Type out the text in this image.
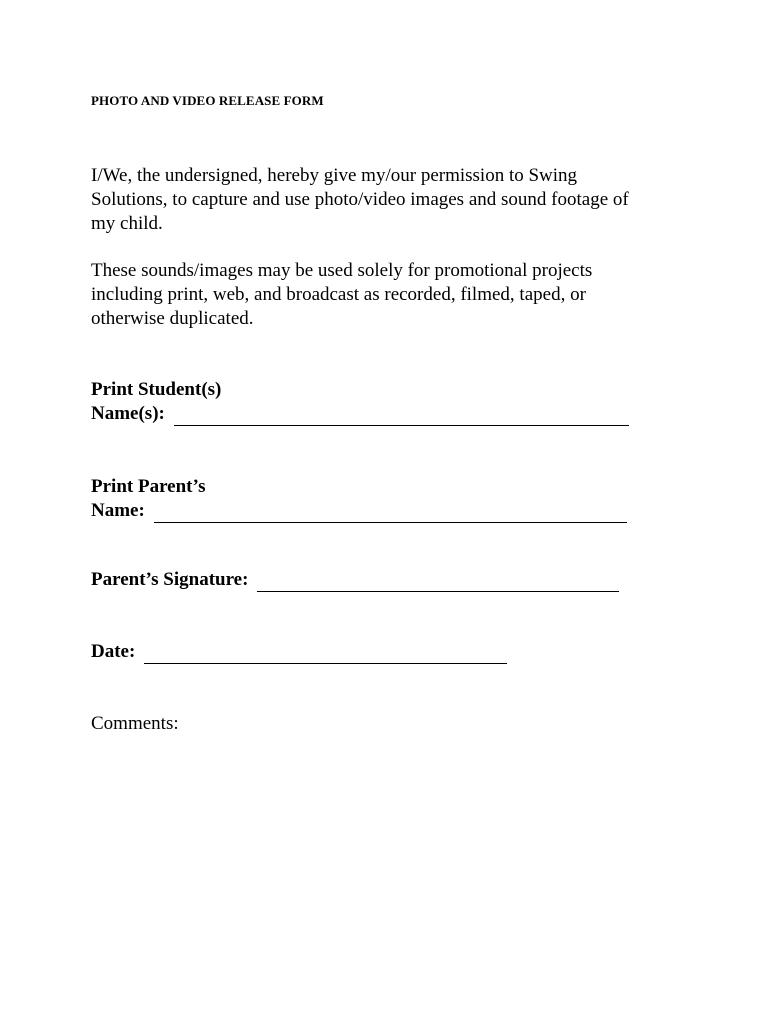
PHOTO AND VIDEO RELEASE FORM
I/We, the undersigned, hereby give my/our permission to Swing
Solutions, to capture and use photo/video images and sound footage of
my child.
These sounds/images may be used solely for promotional projects
including print, web, and broadcast as recorded, filmed, taped, or
otherwise duplicated.
Print Student(s)
Name(s):
Print Parent’s
Name:
Parent’s Signature:
Date:
Comments:
